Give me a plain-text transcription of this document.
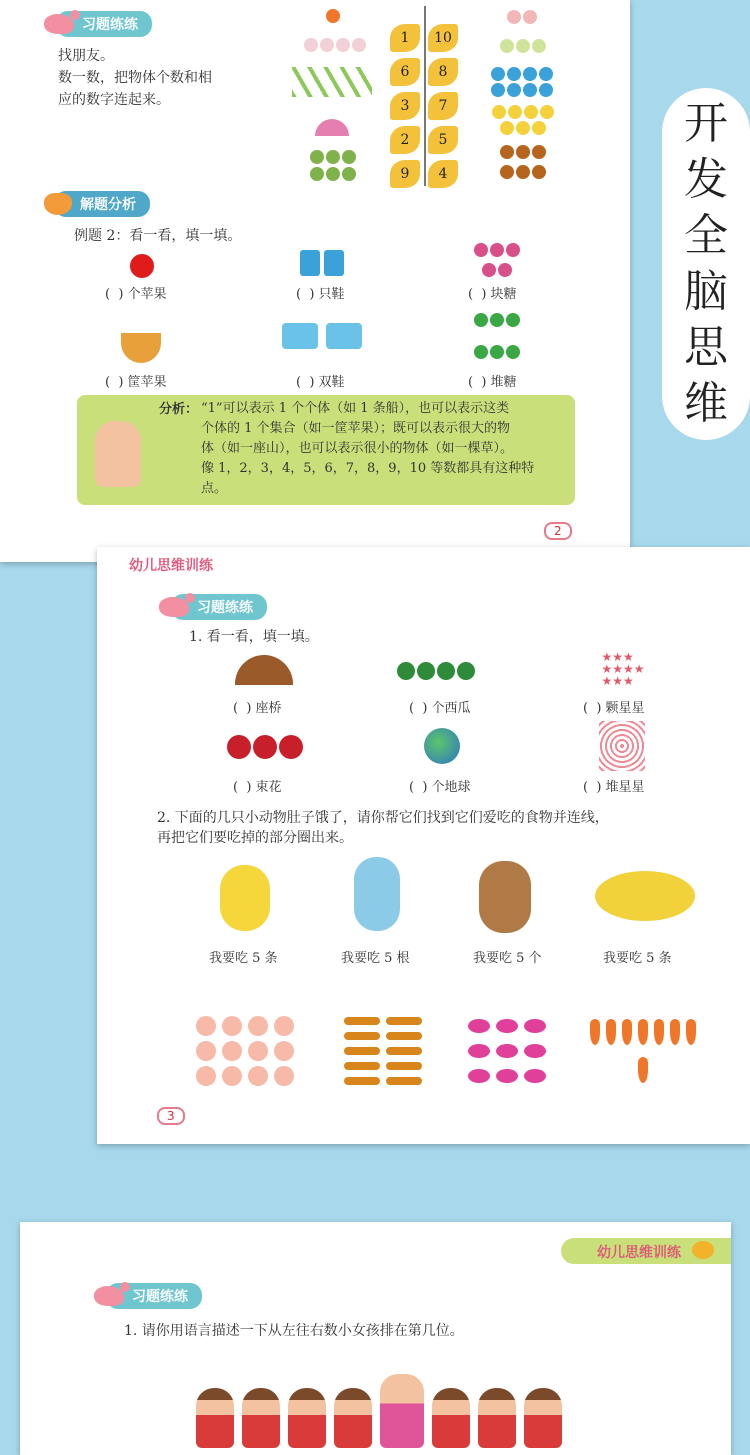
习题练练
找朋友。
数一数，把物体个数和相
应的数字连起来。
1
6
3
2
9
10
8
7
5
4
解题分析
例题 2：看一看，填一填。
(  ) 个苹果	(  ) 只鞋	(  ) 块糖
(  ) 筐苹果	(  ) 双鞋	(  ) 堆糖
分析： “1”可以表示 1 个个体（如 1 条船），也可以表示这类
个体的 1 个集合（如一筐苹果）；既可以表示很大的物
体（如一座山），也可以表示很小的物体（如一棵草）。
像 1，2，3，4，5，6，7，8，9，10 等数都具有这种特
点。
2
开
发
全
脑
思
维
幼儿思维训练
习题练练
1. 看一看，填一填。
★★★
★★★★
★★★
(  ) 座桥	(  ) 个西瓜	(  ) 颗星星
(  ) 束花	(  ) 个地球	(  ) 堆星星
2. 下面的几只小动物肚子饿了，请你帮它们找到它们爱吃的食物并连线，
再把它们要吃掉的部分圈出来。
我要吃 5 条	我要吃 5 根	我要吃 5 个	我要吃 5 条
3
幼儿思维训练
习题练练
1. 请你用语言描述一下从左往右数小女孩排在第几位。
